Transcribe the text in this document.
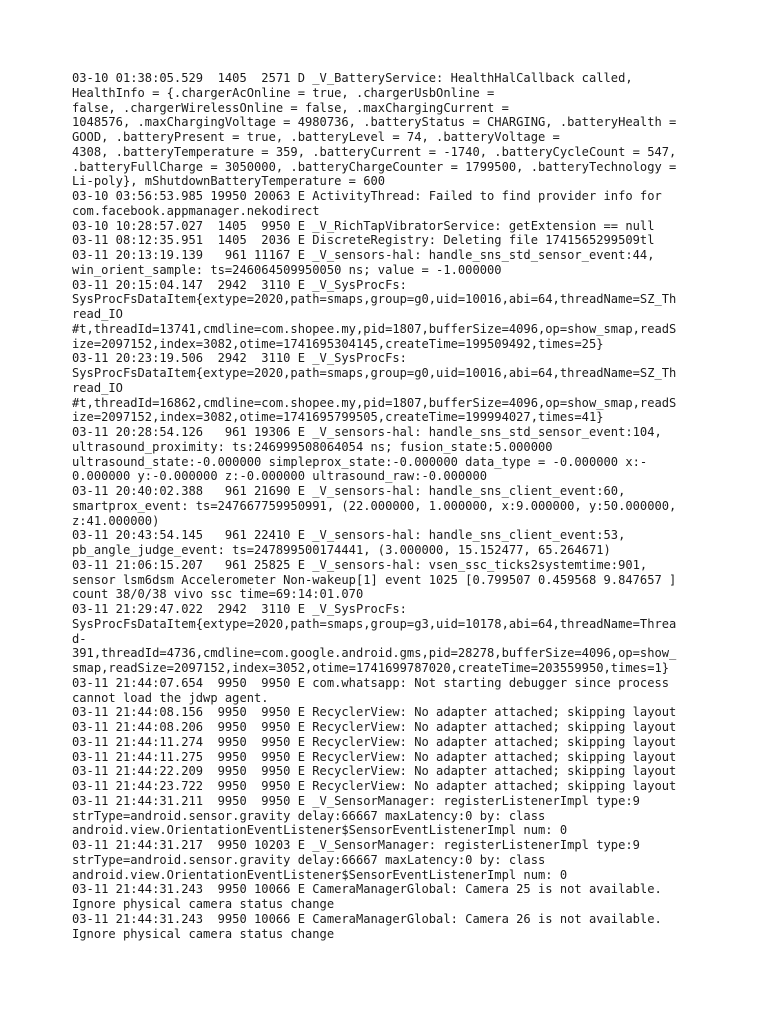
03-10 01:38:05.529  1405  2571 D _V_BatteryService: HealthHalCallback called,
HealthInfo = {.chargerAcOnline = true, .chargerUsbOnline =
false, .chargerWirelessOnline = false, .maxChargingCurrent =
1048576, .maxChargingVoltage = 4980736, .batteryStatus = CHARGING, .batteryHealth =
GOOD, .batteryPresent = true, .batteryLevel = 74, .batteryVoltage =
4308, .batteryTemperature = 359, .batteryCurrent = -1740, .batteryCycleCount = 547,
.batteryFullCharge = 3050000, .batteryChargeCounter = 1799500, .batteryTechnology =
Li-poly}, mShutdownBatteryTemperature = 600
03-10 03:56:53.985 19950 20063 E ActivityThread: Failed to find provider info for
com.facebook.appmanager.nekodirect
03-10 10:28:57.027  1405  9950 E _V_RichTapVibratorService: getExtension == null
03-11 08:12:35.951  1405  2036 E DiscreteRegistry: Deleting file 1741565299509tl
03-11 20:13:19.139   961 11167 E _V_sensors-hal: handle_sns_std_sensor_event:44,
win_orient_sample: ts=246064509950050 ns; value = -1.000000
03-11 20:15:04.147  2942  3110 E _V_SysProcFs:
SysProcFsDataItem{extype=2020,path=smaps,group=g0,uid=10016,abi=64,threadName=SZ_Th
read_IO
#t,threadId=13741,cmdline=com.shopee.my,pid=1807,bufferSize=4096,op=show_smap,readS
ize=2097152,index=3082,otime=1741695304145,createTime=199509492,times=25}
03-11 20:23:19.506  2942  3110 E _V_SysProcFs:
SysProcFsDataItem{extype=2020,path=smaps,group=g0,uid=10016,abi=64,threadName=SZ_Th
read_IO
#t,threadId=16862,cmdline=com.shopee.my,pid=1807,bufferSize=4096,op=show_smap,readS
ize=2097152,index=3082,otime=1741695799505,createTime=199994027,times=41}
03-11 20:28:54.126   961 19306 E _V_sensors-hal: handle_sns_std_sensor_event:104,
ultrasound_proximity: ts:246999508064054 ns; fusion_state:5.000000
ultrasound_state:-0.000000 simpleprox_state:-0.000000 data_type = -0.000000 x:-
0.000000 y:-0.000000 z:-0.000000 ultrasound_raw:-0.000000
03-11 20:40:02.388   961 21690 E _V_sensors-hal: handle_sns_client_event:60,
smartprox_event: ts=247667759950991, (22.000000, 1.000000, x:9.000000, y:50.000000,
z:41.000000)
03-11 20:43:54.145   961 22410 E _V_sensors-hal: handle_sns_client_event:53,
pb_angle_judge_event: ts=247899500174441, (3.000000, 15.152477, 65.264671)
03-11 21:06:15.207   961 25825 E _V_sensors-hal: vsen_ssc_ticks2systemtime:901,
sensor lsm6dsm Accelerometer Non-wakeup[1] event 1025 [0.799507 0.459568 9.847657 ]
count 38/0/38 vivo ssc time=69:14:01.070
03-11 21:29:47.022  2942  3110 E _V_SysProcFs:
SysProcFsDataItem{extype=2020,path=smaps,group=g3,uid=10178,abi=64,threadName=Threa
d-
391,threadId=4736,cmdline=com.google.android.gms,pid=28278,bufferSize=4096,op=show_
smap,readSize=2097152,index=3052,otime=1741699787020,createTime=203559950,times=1}
03-11 21:44:07.654  9950  9950 E com.whatsapp: Not starting debugger since process
cannot load the jdwp agent.
03-11 21:44:08.156  9950  9950 E RecyclerView: No adapter attached; skipping layout
03-11 21:44:08.206  9950  9950 E RecyclerView: No adapter attached; skipping layout
03-11 21:44:11.274  9950  9950 E RecyclerView: No adapter attached; skipping layout
03-11 21:44:11.275  9950  9950 E RecyclerView: No adapter attached; skipping layout
03-11 21:44:22.209  9950  9950 E RecyclerView: No adapter attached; skipping layout
03-11 21:44:23.722  9950  9950 E RecyclerView: No adapter attached; skipping layout
03-11 21:44:31.211  9950  9950 E _V_SensorManager: registerListenerImpl type:9
strType=android.sensor.gravity delay:66667 maxLatency:0 by: class
android.view.OrientationEventListener$SensorEventListenerImpl num: 0
03-11 21:44:31.217  9950 10203 E _V_SensorManager: registerListenerImpl type:9
strType=android.sensor.gravity delay:66667 maxLatency:0 by: class
android.view.OrientationEventListener$SensorEventListenerImpl num: 0
03-11 21:44:31.243  9950 10066 E CameraManagerGlobal: Camera 25 is not available.
Ignore physical camera status change
03-11 21:44:31.243  9950 10066 E CameraManagerGlobal: Camera 26 is not available.
Ignore physical camera status change
